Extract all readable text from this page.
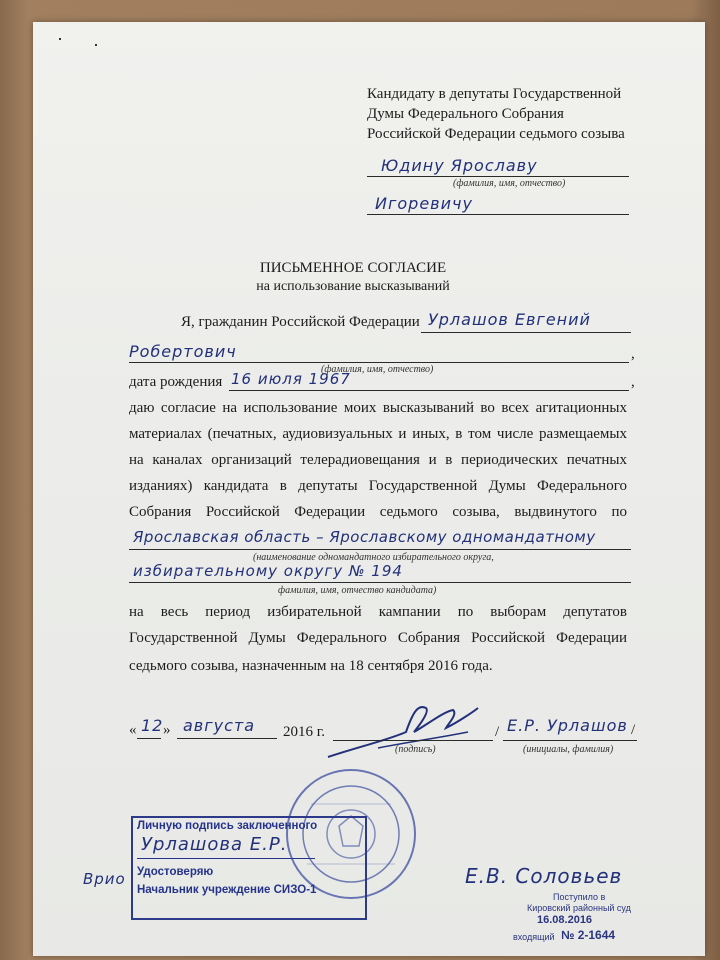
Кандидату в депутаты Государственной
Думы Федерального Собрания
Российской Федерации седьмого созыва
Юдину Ярославу
(фамилия, имя, отчество)
Игоревичу
ПИСЬМЕННОЕ СОГЛАСИЕ
на использование высказываний
Я, гражданин Российской Федерации Урлашов Евгений
Робертович	,
(фамилия, имя, отчество)
дата рождения 16 июля 1967	,
даю согласие на использование моих высказываний во всех агитационных
материалах (печатных, аудиовизуальных и иных, в том числе размещаемых
на каналах организаций телерадиовещания и в периодических печатных
изданиях) кандидата в депутаты Государственной Думы Федерального
Собрания Российской Федерации седьмого созыва, выдвинутого по
Ярославская область – Ярославскому одномандатному
(наименование одномандатного избирательного округа,
избирательному округу № 194
фамилия, имя, отчество кандидата)
на весь период избирательной кампании по выборам депутатов
Государственной Думы Федерального Собрания Российской Федерации
седьмого созыва, назначенным на 18 сентября 2016 года.
« 12 » августа 2016 г.
(подпись)
/ Е.Р. Урлашов /
(инициалы, фамилия)
Личную подпись заключенного
Урлашова Е.Р.
Удостоверяю
Начальник учреждение СИЗО-1
Врио	Е.В. Соловьев
Поступило в
Кировский районный суд
16.08.2016
входящий № 2-1644
